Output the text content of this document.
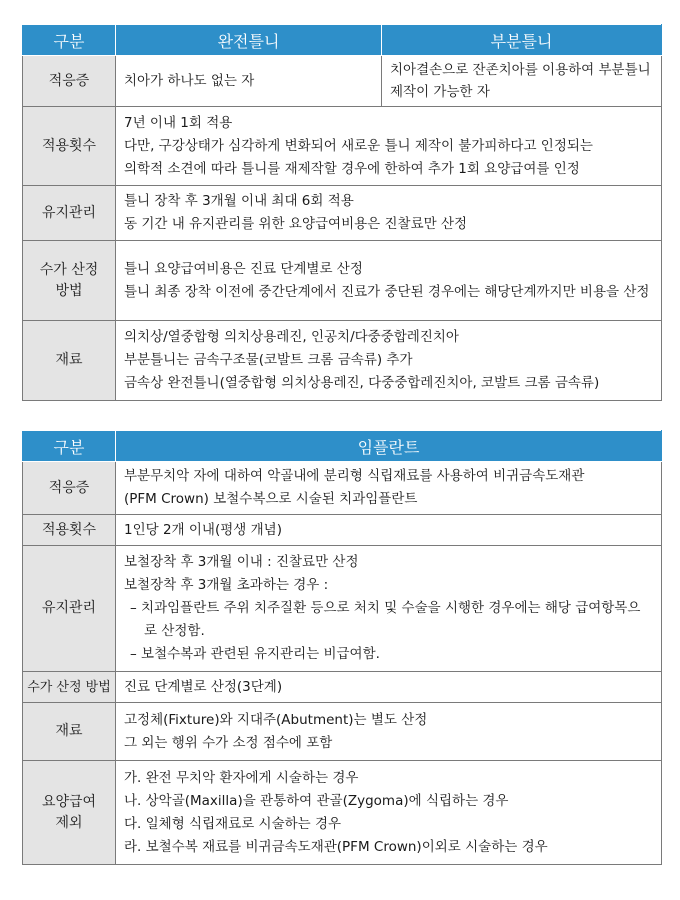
구분	완전틀니	부분틀니
적응증	치아가 하나도 없는 자	치아결손으로 잔존치아를 이용하여 부분틀니 제작이 가능한 자
적용횟수	7년 이내 1회 적용
다만, 구강상태가 심각하게 변화되어 새로운 틀니 제작이 불가피하다고 인정되는
의학적 소견에 따라 틀니를 재제작할 경우에 한하여 추가 1회 요양급여를 인정	

유지관리	틀니 장착 후 3개월 이내 최대 6회 적용
동 기간 내 유지관리를 위한 요양급여비용은 진찰료만 산정	

수가 산정
방법	틀니 요양급여비용은 진료 단계별로 산정
틀니 최종 장착 이전에 중간단계에서 진료가 중단된 경우에는 해당단계까지만 비용을 산정	

재료	의치상/열중합형 의치상용레진, 인공치/다중중합레진치아
부분틀니는 금속구조물(코발트 크롬 금속류) 추가
금속상 완전틀니(열중합형 의치상용레진, 다중중합레진치아, 코발트 크롬 금속류)	
구분	임플란트
적응증	부분무치악 자에 대하여 악골내에 분리형 식립재료를 사용하여 비귀금속도재관
(PFM Crown) 보철수복으로 시술된 치과임플란트

적용횟수	1인당 2개 이내(평생 개념)
유지관리	보철장착 후 3개월 이내 : 진찰료만 산정
보철장착 후 3개월 초과하는 경우 :
– 치과임플란트 주위 치주질환 등으로 처치 및 수술을 시행한 경우에는 해당 급여항목으로 산정함.
– 보철수복과 관련된 유지관리는 비급여함.

수가 산정 방법	진료 단계별로 산정(3단계)
재료	고정체(Fixture)와 지대주(Abutment)는 별도 산정
그 외는 행위 수가 소정 점수에 포함

요양급여
제외	가. 완전 무치악 환자에게 시술하는 경우
나. 상악골(Maxilla)을 관통하여 관골(Zygoma)에 식립하는 경우
다. 일체형 식립재료로 시술하는 경우
라. 보철수복 재료를 비귀금속도재관(PFM Crown)이외로 시술하는 경우
